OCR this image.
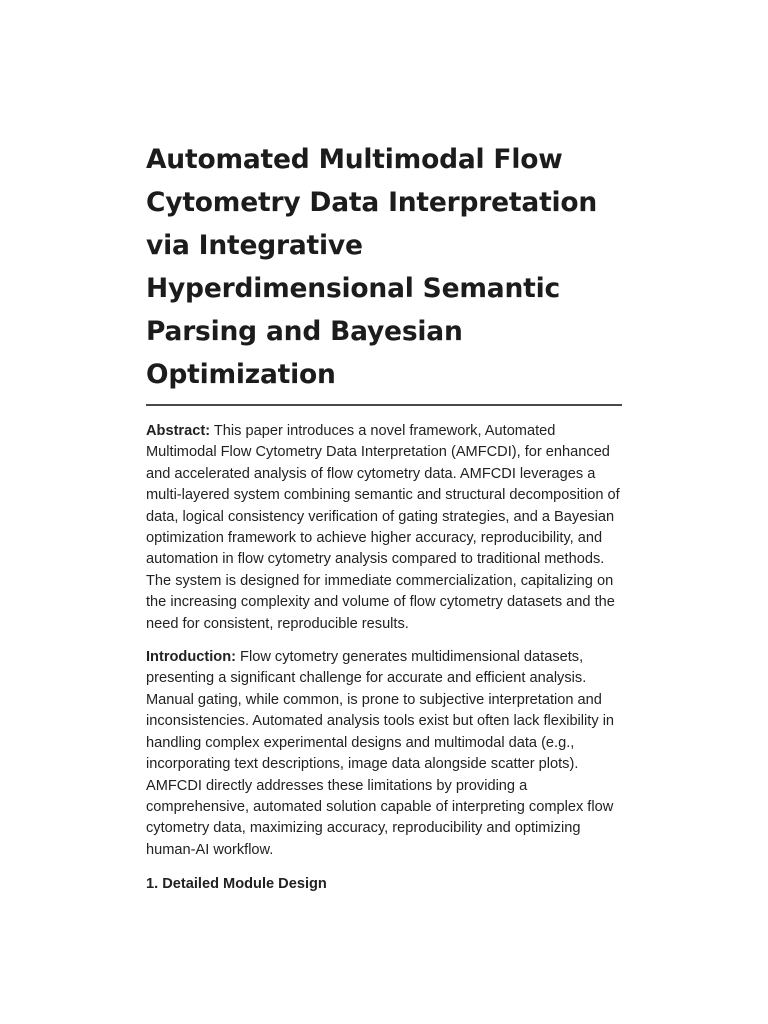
Automated Multimodal Flow Cytometry Data Interpretation via Integrative Hyperdimensional Semantic Parsing and Bayesian Optimization

Abstract: This paper introduces a novel framework, Automated Multimodal Flow Cytometry Data Interpretation (AMFCDI), for enhanced and accelerated analysis of flow cytometry data. AMFCDI leverages a multi-layered system combining semantic and structural decomposition of data, logical consistency verification of gating strategies, and a Bayesian optimization framework to achieve higher accuracy, reproducibility, and automation in flow cytometry analysis compared to traditional methods. The system is designed for immediate commercialization, capitalizing on the increasing complexity and volume of flow cytometry datasets and the need for consistent, reproducible results.

Introduction: Flow cytometry generates multidimensional datasets, presenting a significant challenge for accurate and efficient analysis. Manual gating, while common, is prone to subjective interpretation and inconsistencies. Automated analysis tools exist but often lack flexibility in handling complex experimental designs and multimodal data (e.g., incorporating text descriptions, image data alongside scatter plots). AMFCDI directly addresses these limitations by providing a comprehensive, automated solution capable of interpreting complex flow cytometry data, maximizing accuracy, reproducibility and optimizing human-AI workflow.

1. Detailed Module Design
